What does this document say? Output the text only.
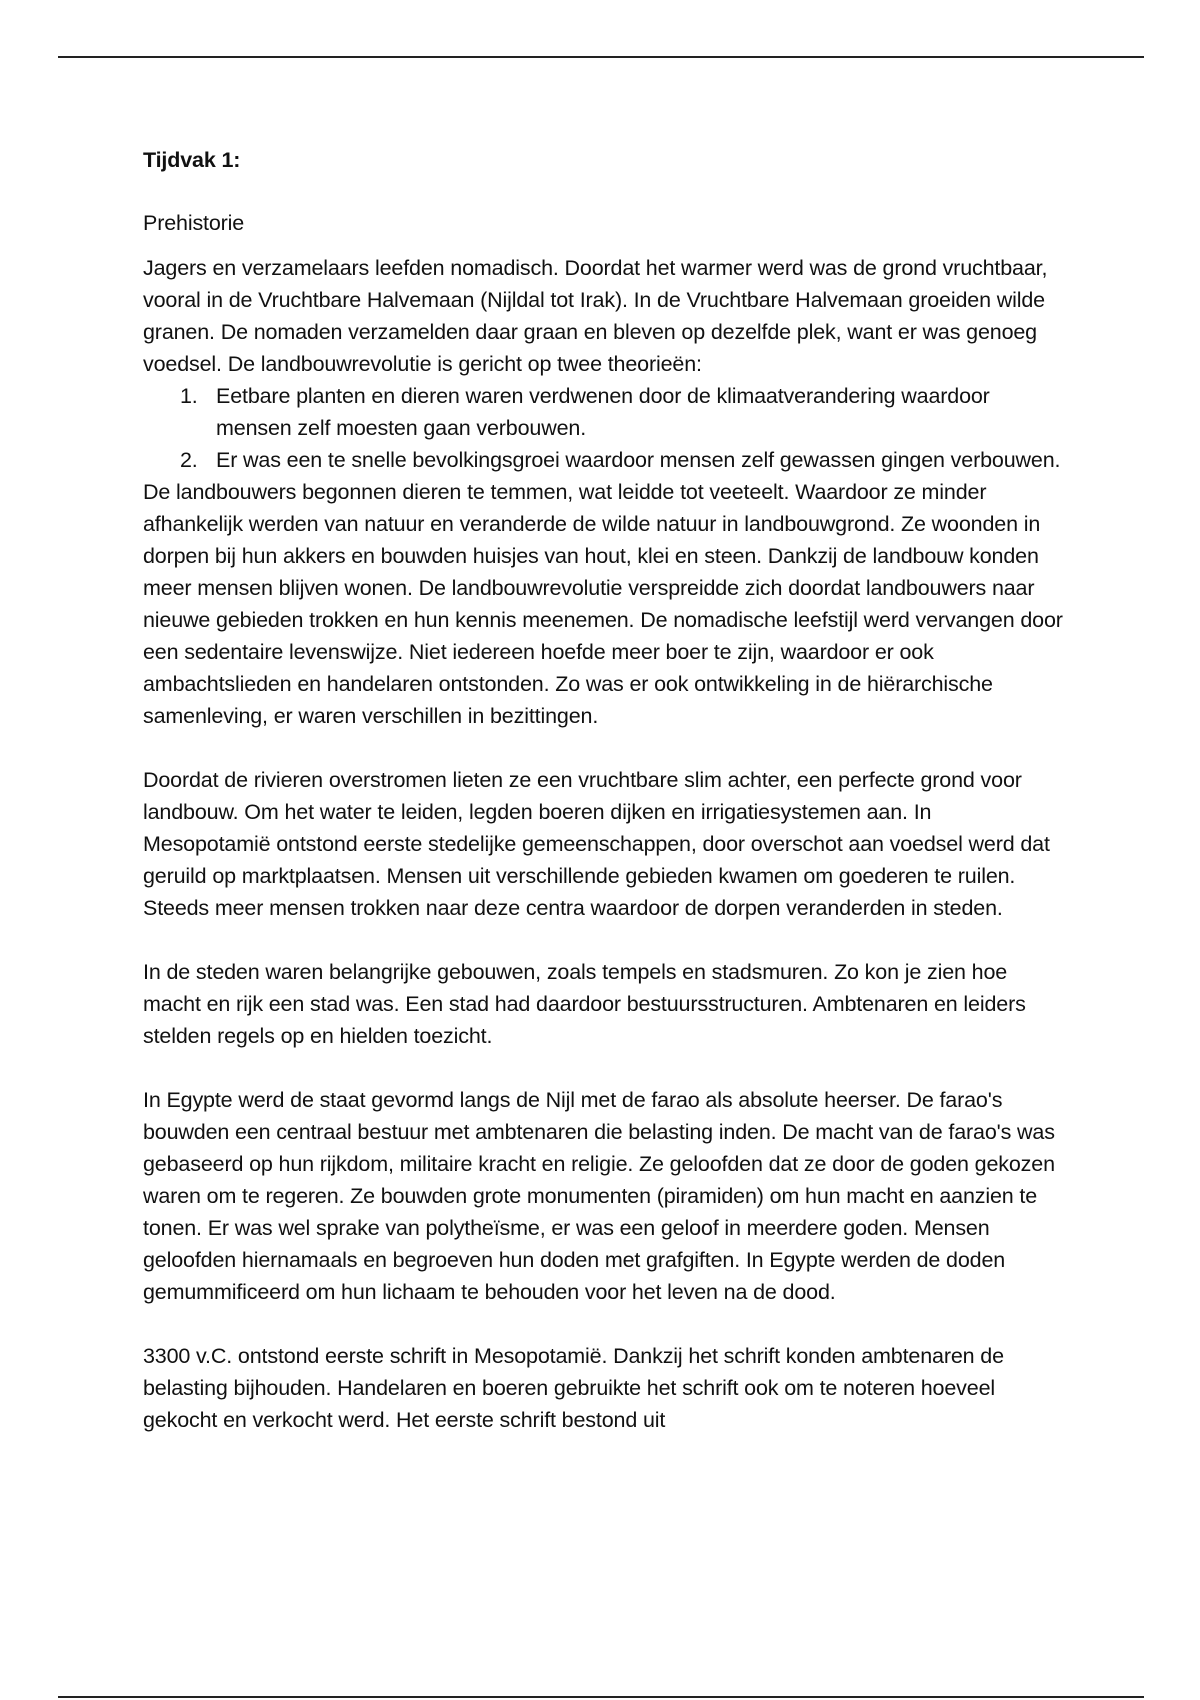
Tijdvak 1:

Prehistorie

Jagers en verzamelaars leefden nomadisch. Doordat het warmer werd was de grond vruchtbaar, vooral in de Vruchtbare Halvemaan (Nijldal tot Irak). In de Vruchtbare Halvemaan groeiden wilde granen. De nomaden verzamelden daar graan en bleven op dezelfde plek, want er was genoeg voedsel. De landbouwrevolutie is gericht op twee theorieën:

1. Eetbare planten en dieren waren verdwenen door de klimaatverandering waardoor mensen zelf moesten gaan verbouwen.
2. Er was een te snelle bevolkingsgroei waardoor mensen zelf gewassen gingen verbouwen.

De landbouwers begonnen dieren te temmen, wat leidde tot veeteelt. Waardoor ze minder afhankelijk werden van natuur en veranderde de wilde natuur in landbouwgrond. Ze woonden in dorpen bij hun akkers en bouwden huisjes van hout, klei en steen. Dankzij de landbouw konden meer mensen blijven wonen. De landbouwrevolutie verspreidde zich doordat landbouwers naar nieuwe gebieden trokken en hun kennis meenemen. De nomadische leefstijl werd vervangen door een sedentaire levenswijze. Niet iedereen hoefde meer boer te zijn, waardoor er ook ambachtslieden en handelaren ontstonden. Zo was er ook ontwikkeling in de hiërarchische samenleving, er waren verschillen in bezittingen.

Doordat de rivieren overstromen lieten ze een vruchtbare slim achter, een perfecte grond voor landbouw. Om het water te leiden, legden boeren dijken en irrigatiesystemen aan. In Mesopotamië ontstond eerste stedelijke gemeenschappen, door overschot aan voedsel werd dat geruild op marktplaatsen. Mensen uit verschillende gebieden kwamen om goederen te ruilen. Steeds meer mensen trokken naar deze centra waardoor de dorpen veranderden in steden.

In de steden waren belangrijke gebouwen, zoals tempels en stadsmuren. Zo kon je zien hoe macht en rijk een stad was. Een stad had daardoor bestuursstructuren. Ambtenaren en leiders stelden regels op en hielden toezicht.

In Egypte werd de staat gevormd langs de Nijl met de farao als absolute heerser. De farao's bouwden een centraal bestuur met ambtenaren die belasting inden. De macht van de farao's was gebaseerd op hun rijkdom, militaire kracht en religie. Ze geloofden dat ze door de goden gekozen waren om te regeren. Ze bouwden grote monumenten (piramiden) om hun macht en aanzien te tonen. Er was wel sprake van polytheïsme, er was een geloof in meerdere goden. Mensen geloofden hiernamaals en begroeven hun doden met grafgiften. In Egypte werden de doden gemummificeerd om hun lichaam te behouden voor het leven na de dood.

3300 v.C. ontstond eerste schrift in Mesopotamië. Dankzij het schrift konden ambtenaren de belasting bijhouden. Handelaren en boeren gebruikte het schrift ook om te noteren hoeveel gekocht en verkocht werd. Het eerste schrift bestond uit
